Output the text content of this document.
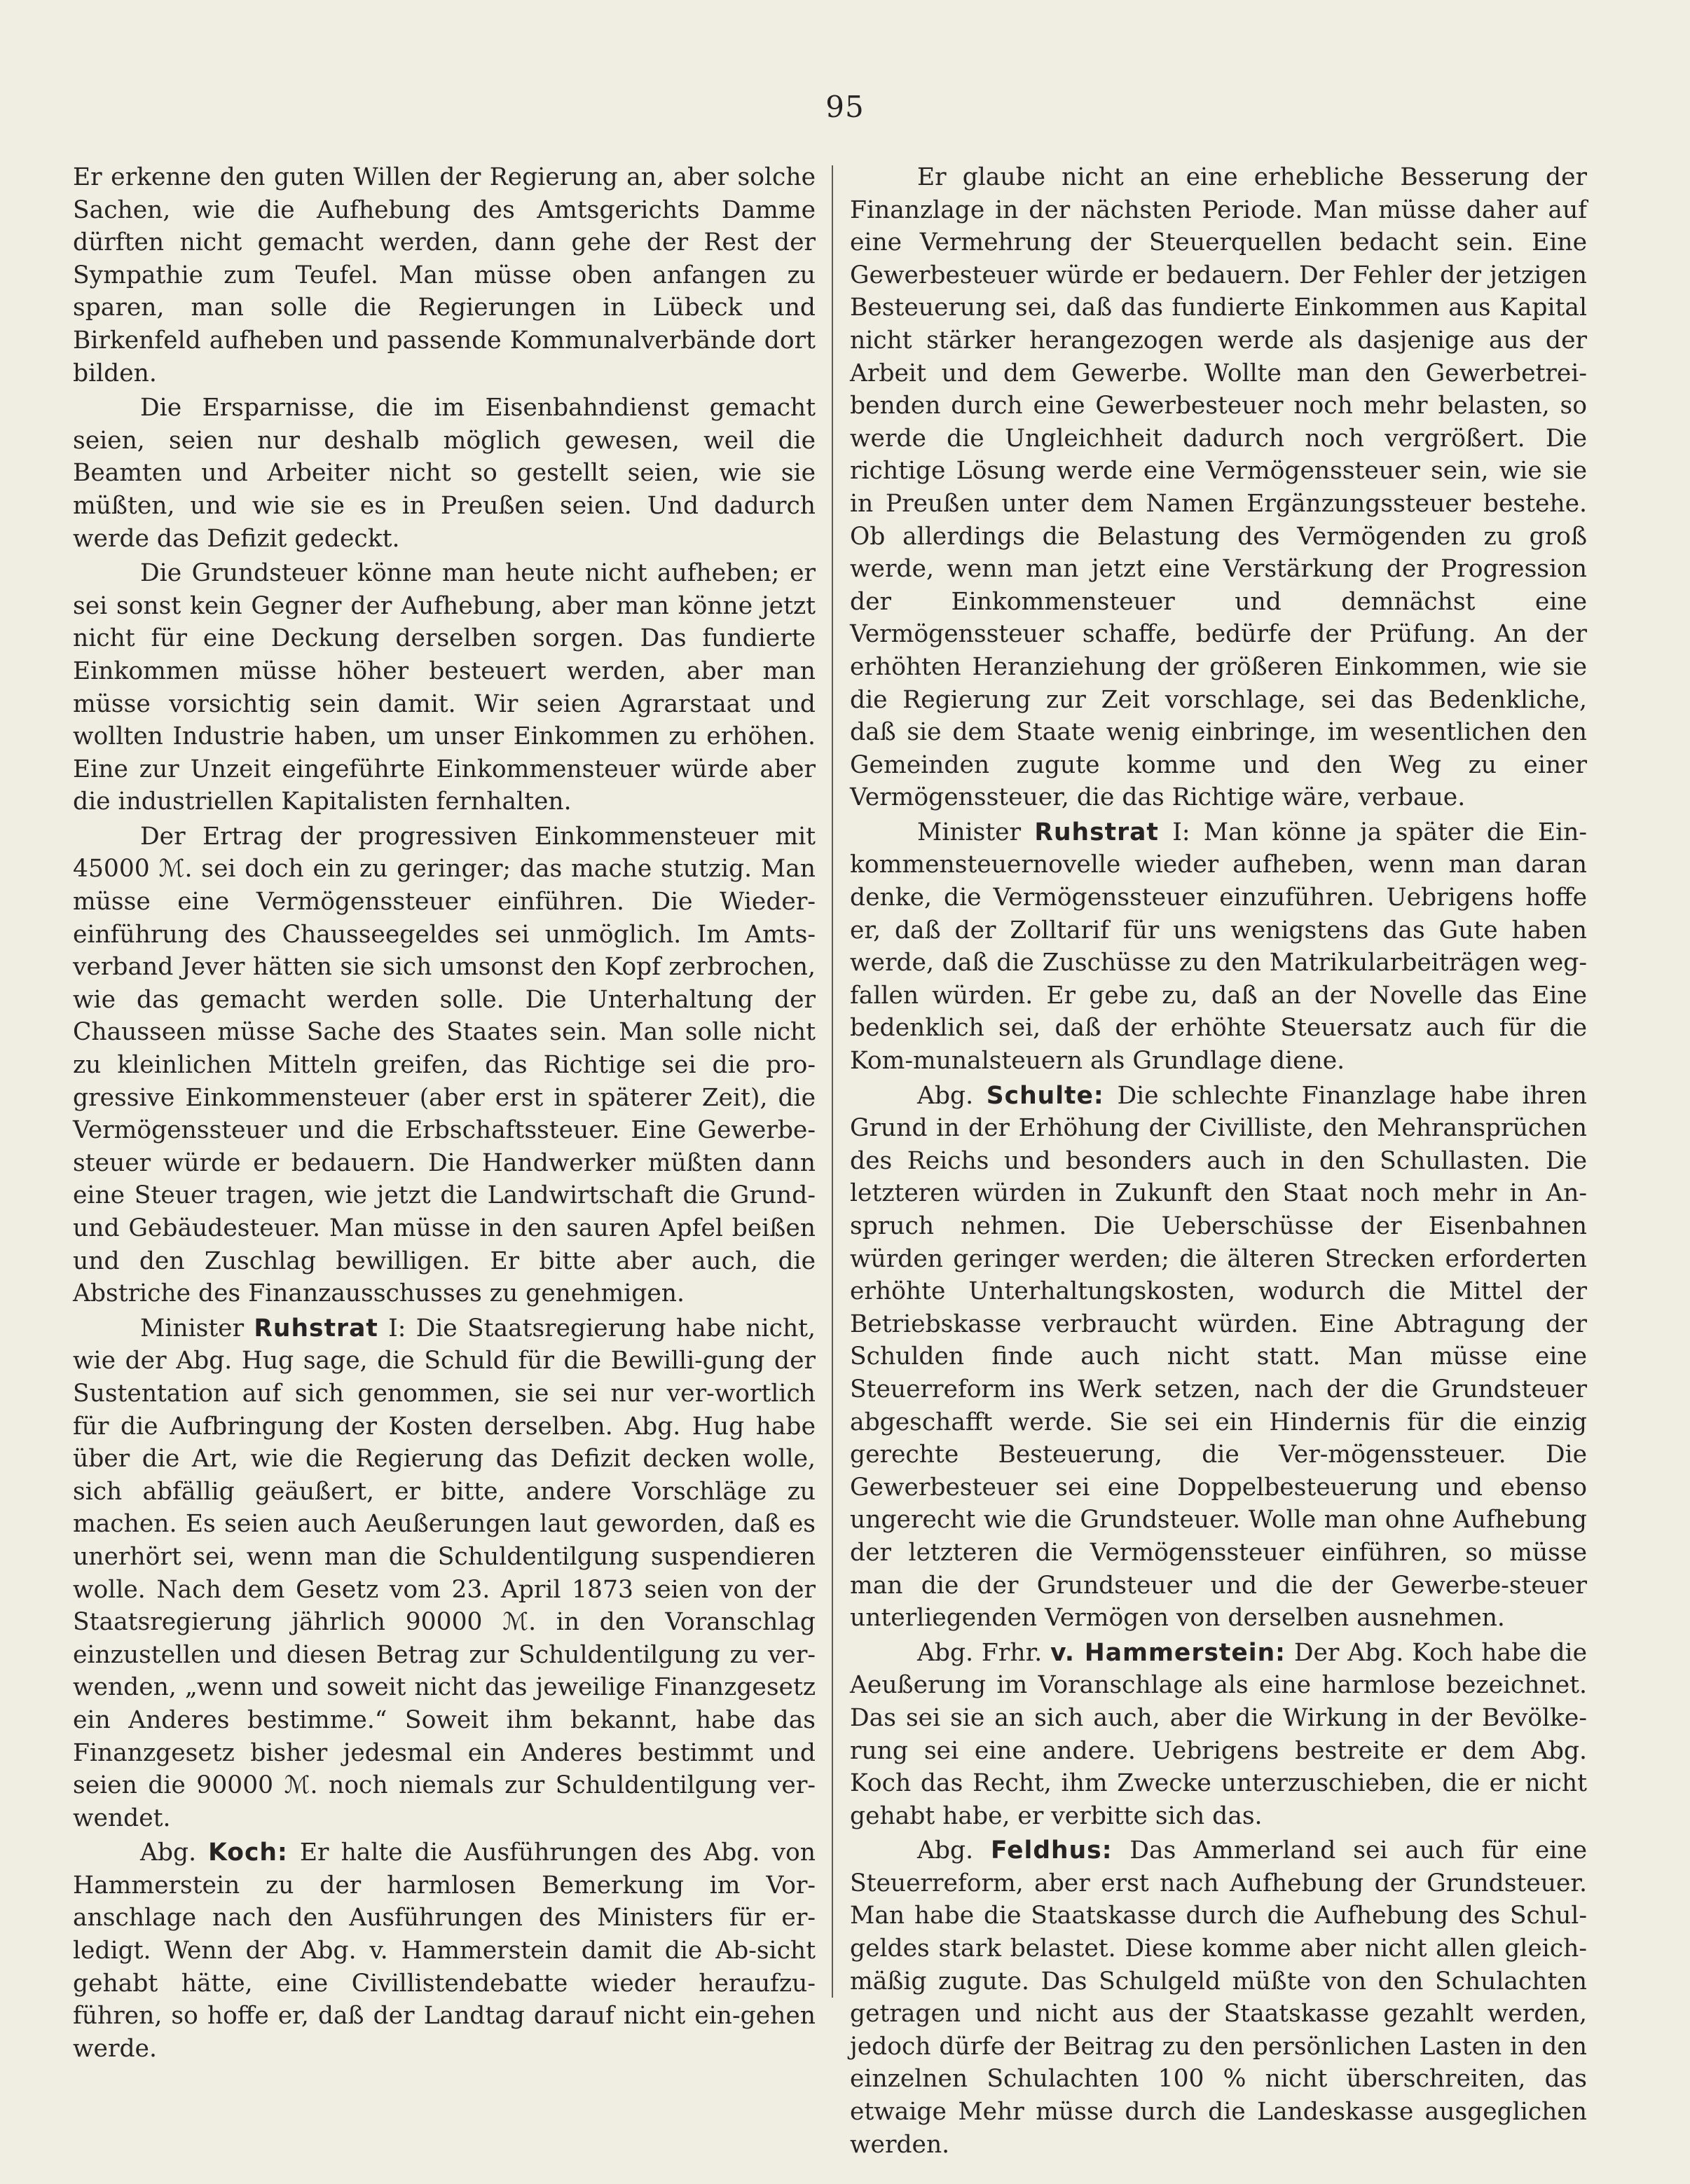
95

Er erkenne den guten Willen der Regierung an, aber solche Sachen, wie die Aufhebung des Amtsgerichts Damme dürften nicht gemacht werden, dann gehe der Rest der Sympathie zum Teufel. Man müsse oben anfangen zu sparen, man solle die Regierungen in Lübeck und Birkenfeld aufheben und passende Kommunalverbände dort bilden.

Die Ersparnisse, die im Eisenbahndienst gemacht seien, seien nur deshalb möglich gewesen, weil die Beamten und Arbeiter nicht so gestellt seien, wie sie müßten, und wie sie es in Preußen seien. Und dadurch werde das Defizit gedeckt.

Die Grundsteuer könne man heute nicht aufheben; er sei sonst kein Gegner der Aufhebung, aber man könne jetzt nicht für eine Deckung derselben sorgen. Das fundierte Einkommen müsse höher besteuert werden, aber man müsse vorsichtig sein damit. Wir seien Agrarstaat und wollten Industrie haben, um unser Einkommen zu erhöhen. Eine zur Unzeit eingeführte Einkommensteuer würde aber die industriellen Kapitalisten fernhalten.

Der Ertrag der progressiven Einkommensteuer mit 45000 ℳ. sei doch ein zu geringer; das mache stutzig. Man müsse eine Vermögenssteuer einführen. Die Wieder-einführung des Chausseegeldes sei unmöglich. Im Amts-verband Jever hätten sie sich umsonst den Kopf zerbrochen, wie das gemacht werden solle. Die Unterhaltung der Chausseen müsse Sache des Staates sein. Man solle nicht zu kleinlichen Mitteln greifen, das Richtige sei die pro-gressive Einkommensteuer (aber erst in späterer Zeit), die Vermögenssteuer und die Erbschaftssteuer. Eine Gewerbe-steuer würde er bedauern. Die Handwerker müßten dann eine Steuer tragen, wie jetzt die Landwirtschaft die Grund- und Gebäudesteuer. Man müsse in den sauren Apfel beißen und den Zuschlag bewilligen. Er bitte aber auch, die Abstriche des Finanzausschusses zu genehmigen.

Minister Ruhstrat I: Die Staatsregierung habe nicht, wie der Abg. Hug sage, die Schuld für die Bewilli-gung der Sustentation auf sich genommen, sie sei nur ver-wortlich für die Aufbringung der Kosten derselben. Abg. Hug habe über die Art, wie die Regierung das Defizit decken wolle, sich abfällig geäußert, er bitte, andere Vorschläge zu machen. Es seien auch Aeußerungen laut geworden, daß es unerhört sei, wenn man die Schuldentilgung suspendieren wolle. Nach dem Gesetz vom 23. April 1873 seien von der Staatsregierung jährlich 90000 ℳ. in den Voranschlag einzustellen und diesen Betrag zur Schuldentilgung zu ver-wenden, „wenn und soweit nicht das jeweilige Finanzgesetz ein Anderes bestimme.“ Soweit ihm bekannt, habe das Finanzgesetz bisher jedesmal ein Anderes bestimmt und seien die 90000 ℳ. noch niemals zur Schuldentilgung ver-wendet.

Abg. Koch: Er halte die Ausführungen des Abg. von Hammerstein zu der harmlosen Bemerkung im Vor-anschlage nach den Ausführungen des Ministers für er-ledigt. Wenn der Abg. v. Hammerstein damit die Ab-sicht gehabt hätte, eine Civillistendebatte wieder heraufzu-führen, so hoffe er, daß der Landtag darauf nicht ein-gehen werde.

Er glaube nicht an eine erhebliche Besserung der Finanzlage in der nächsten Periode. Man müsse daher auf eine Vermehrung der Steuerquellen bedacht sein. Eine Gewerbesteuer würde er bedauern. Der Fehler der jetzigen Besteuerung sei, daß das fundierte Einkommen aus Kapital nicht stärker herangezogen werde als dasjenige aus der Arbeit und dem Gewerbe. Wollte man den Gewerbetrei-benden durch eine Gewerbesteuer noch mehr belasten, so werde die Ungleichheit dadurch noch vergrößert. Die richtige Lösung werde eine Vermögenssteuer sein, wie sie in Preußen unter dem Namen Ergänzungssteuer bestehe. Ob allerdings die Belastung des Vermögenden zu groß werde, wenn man jetzt eine Verstärkung der Progression der Einkommensteuer und demnächst eine Vermögenssteuer schaffe, bedürfe der Prüfung. An der erhöhten Heranziehung der größeren Einkommen, wie sie die Regierung zur Zeit vorschlage, sei das Bedenkliche, daß sie dem Staate wenig einbringe, im wesentlichen den Gemeinden zugute komme und den Weg zu einer Vermögenssteuer, die das Richtige wäre, verbaue.

Minister Ruhstrat I: Man könne ja später die Ein-kommensteuernovelle wieder aufheben, wenn man daran denke, die Vermögenssteuer einzuführen. Uebrigens hoffe er, daß der Zolltarif für uns wenigstens das Gute haben werde, daß die Zuschüsse zu den Matrikularbeiträgen weg-fallen würden. Er gebe zu, daß an der Novelle das Eine bedenklich sei, daß der erhöhte Steuersatz auch für die Kom-munalsteuern als Grundlage diene.

Abg. Schulte: Die schlechte Finanzlage habe ihren Grund in der Erhöhung der Civilliste, den Mehransprüchen des Reichs und besonders auch in den Schullasten. Die letzteren würden in Zukunft den Staat noch mehr in An-spruch nehmen. Die Ueberschüsse der Eisenbahnen würden geringer werden; die älteren Strecken erforderten erhöhte Unterhaltungskosten, wodurch die Mittel der Betriebskasse verbraucht würden. Eine Abtragung der Schulden finde auch nicht statt. Man müsse eine Steuerreform ins Werk setzen, nach der die Grundsteuer abgeschafft werde. Sie sei ein Hindernis für die einzig gerechte Besteuerung, die Ver-mögenssteuer. Die Gewerbesteuer sei eine Doppelbesteuerung und ebenso ungerecht wie die Grundsteuer. Wolle man ohne Aufhebung der letzteren die Vermögenssteuer einführen, so müsse man die der Grundsteuer und die der Gewerbe-steuer unterliegenden Vermögen von derselben ausnehmen.

Abg. Frhr. v. Hammerstein: Der Abg. Koch habe die Aeußerung im Voranschlage als eine harmlose bezeichnet. Das sei sie an sich auch, aber die Wirkung in der Bevölke-rung sei eine andere. Uebrigens bestreite er dem Abg. Koch das Recht, ihm Zwecke unterzuschieben, die er nicht gehabt habe, er verbitte sich das.

Abg. Feldhus: Das Ammerland sei auch für eine Steuerreform, aber erst nach Aufhebung der Grundsteuer. Man habe die Staatskasse durch die Aufhebung des Schul-geldes stark belastet. Diese komme aber nicht allen gleich-mäßig zugute. Das Schulgeld müßte von den Schulachten getragen und nicht aus der Staatskasse gezahlt werden, jedoch dürfe der Beitrag zu den persönlichen Lasten in den einzelnen Schulachten 100 % nicht überschreiten, das etwaige Mehr müsse durch die Landeskasse ausgeglichen werden.
